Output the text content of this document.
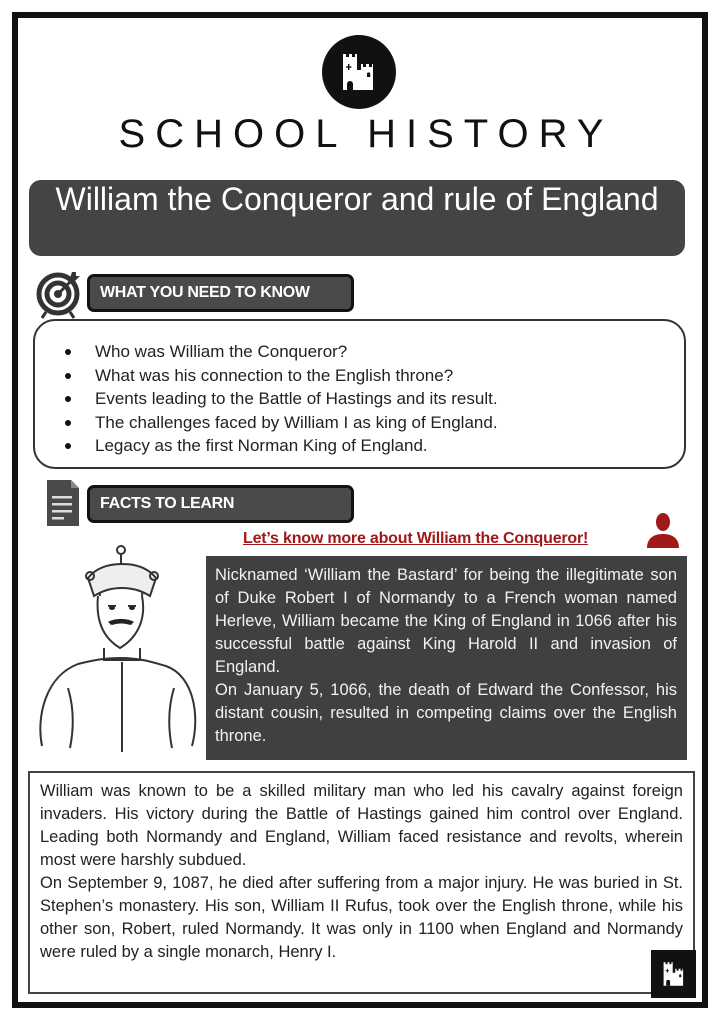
SCHOOL HISTORY
William the Conqueror and rule of England
WHAT YOU NEED TO KNOW
Who was William the Conqueror?
What was his connection to the English throne?
Events leading to the Battle of Hastings and its result.
The challenges faced by William I as king of England.
Legacy as the first Norman King of England.
FACTS TO LEARN
Let’s know more about William the Conqueror!

Nicknamed ‘William the Bastard’ for being the illegitimate son of Duke Robert I of Normandy to a French woman named Herleve, William became the King of England in 1066 after his successful battle against King Harold II and invasion of England.

On January 5, 1066, the death of Edward the Confessor, his distant cousin, resulted in competing claims over the English throne.

William was known to be a skilled military man who led his cavalry against foreign invaders. His victory during the Battle of Hastings gained him control over England. Leading both Normandy and England, William faced resistance and revolts, wherein most were harshly subdued.

On September 9, 1087, he died after suffering from a major injury. He was buried in St. Stephen’s monastery. His son, William II Rufus, took over the English throne, while his other son, Robert, ruled Normandy. It was only in 1100 when England and Normandy were ruled by a single monarch, Henry I.
